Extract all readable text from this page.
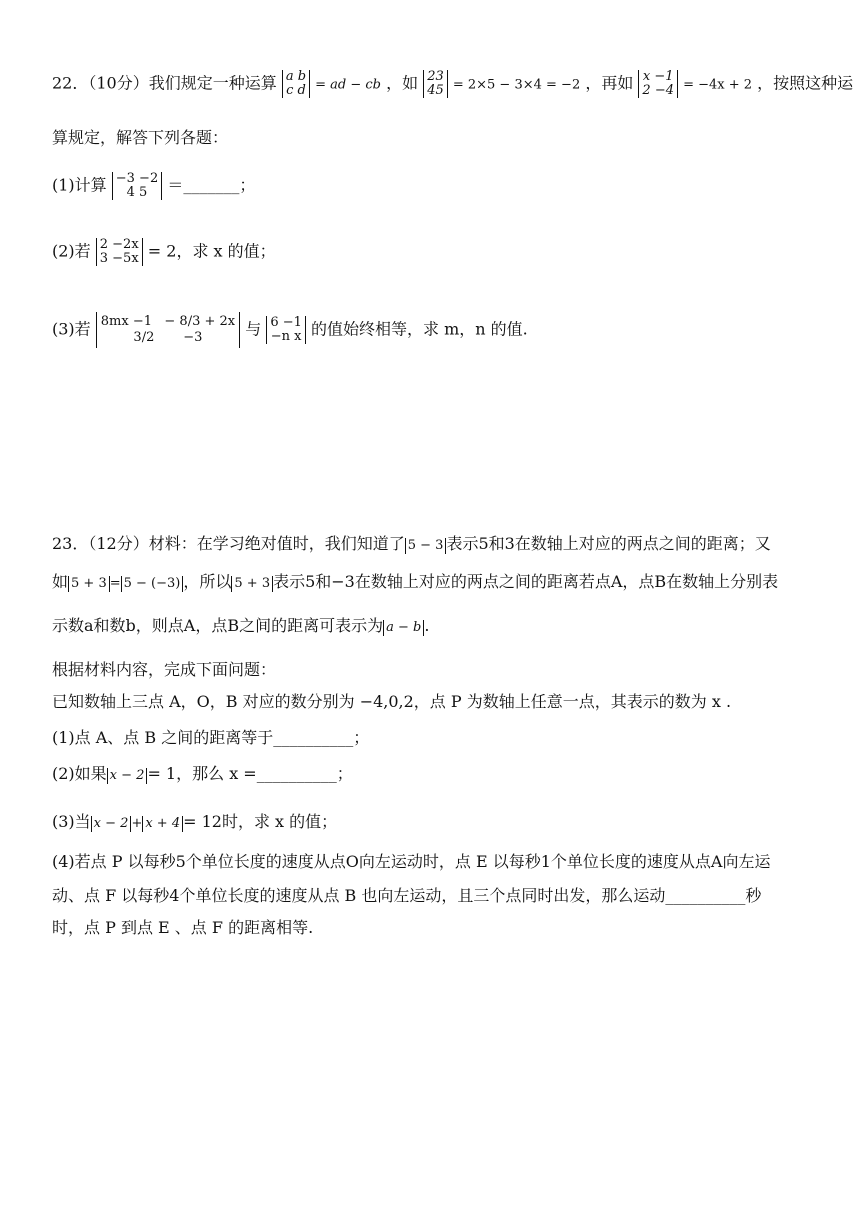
22．（10分）我们规定一种运算 a b
c d = ad − cb ，如 23
45 = 2×5 − 3×4 = −2 ，再如 x −1
2 −4 = −4x + 2 ，按照这种运
算规定，解答下列各题：
(1)计算 −3 −2
4 5	＝_______；
(2)若 2 −2x
3 −5x = 2，求 x 的值；
(3)若 8mx −1 − 8/3 + 2x
3/2 −3	与 6 −1
−n x 的值始终相等，求 m，n 的值.
23．（12分）材料：在学习绝对值时，我们知道了 5 − 3 表示5和3在数轴上对应的两点之间的距离；又
如 5 + 3 = 5 − (−3) ，所以 5 + 3 表示5和−3在数轴上对应的两点之间的距离若点A，点B在数轴上分别表
示数a和数b，则点A，点B之间的距离可表示为 a − b .
根据材料内容，完成下面问题：
已知数轴上三点 A，O，B 对应的数分别为 −4,0,2，点 P 为数轴上任意一点，其表示的数为 x .
(1)点 A、点 B 之间的距离等于__________；
(2)如果 x − 2 = 1，那么 x =__________；
(3)当 x − 2 + x + 4 = 12时，求 x 的值；
(4)若点 P 以每秒5个单位长度的速度从点O向左运动时，点 E 以每秒1个单位长度的速度从点A向左运
动、点 F 以每秒4个单位长度的速度从点 B 也向左运动，且三个点同时出发，那么运动__________秒
时，点 P 到点 E 、点 F 的距离相等.
